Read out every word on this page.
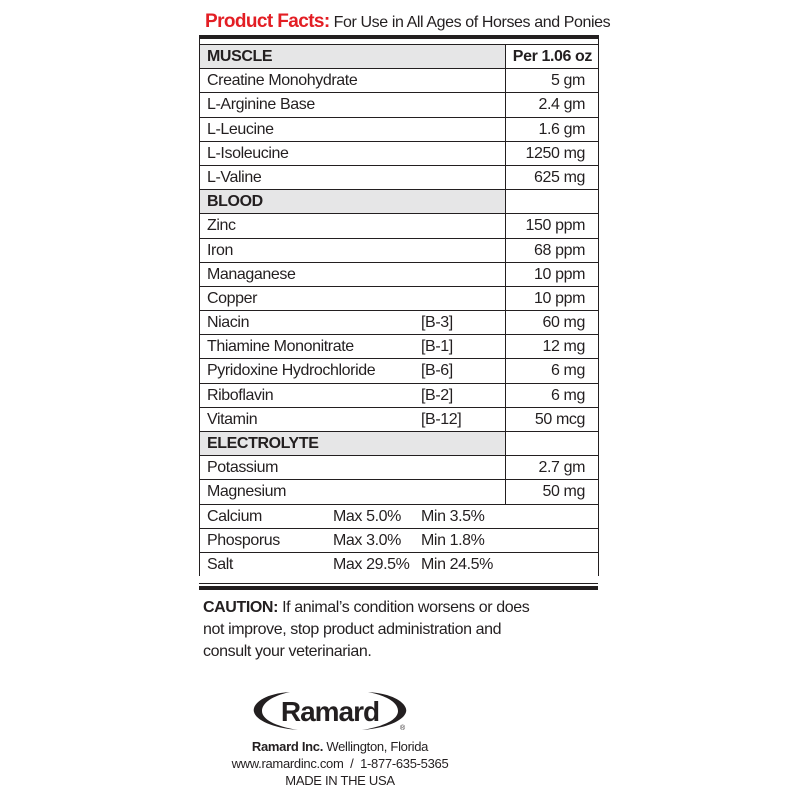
Product Facts: For Use in All Ages of Horses and Ponies
MUSCLE	Per 1.06 oz
Creatine Monohydrate	5 gm
L-Arginine Base	2.4 gm
L-Leucine	1.6 gm
L-Isoleucine	1250 mg
L-Valine	625 mg
BLOOD
Zinc	150 ppm
Iron	68 ppm
Managanese	10 ppm
Copper	10 ppm
Niacin	[B-3]	60 mg
Thiamine Mononitrate	[B-1]	12 mg
Pyridoxine Hydrochloride	[B-6]	6 mg
Riboflavin	[B-2]	6 mg
Vitamin	[B-12]	50 mcg
ELECTROLYTE
Potassium	2.7 gm
Magnesium	50 mg
Calcium	Max 5.0% Min 3.5%
Phosporus	Max 3.0% Min 1.8%
Salt	Max 29.5% Min 24.5%
CAUTION: If animal’s condition worsens or does not improve, stop product administration and consult your veterinarian.
Ramard
®
Ramard Inc. Wellington, Florida
www.ramardinc.com  /  1-877-635-5365
MADE IN THE USA
